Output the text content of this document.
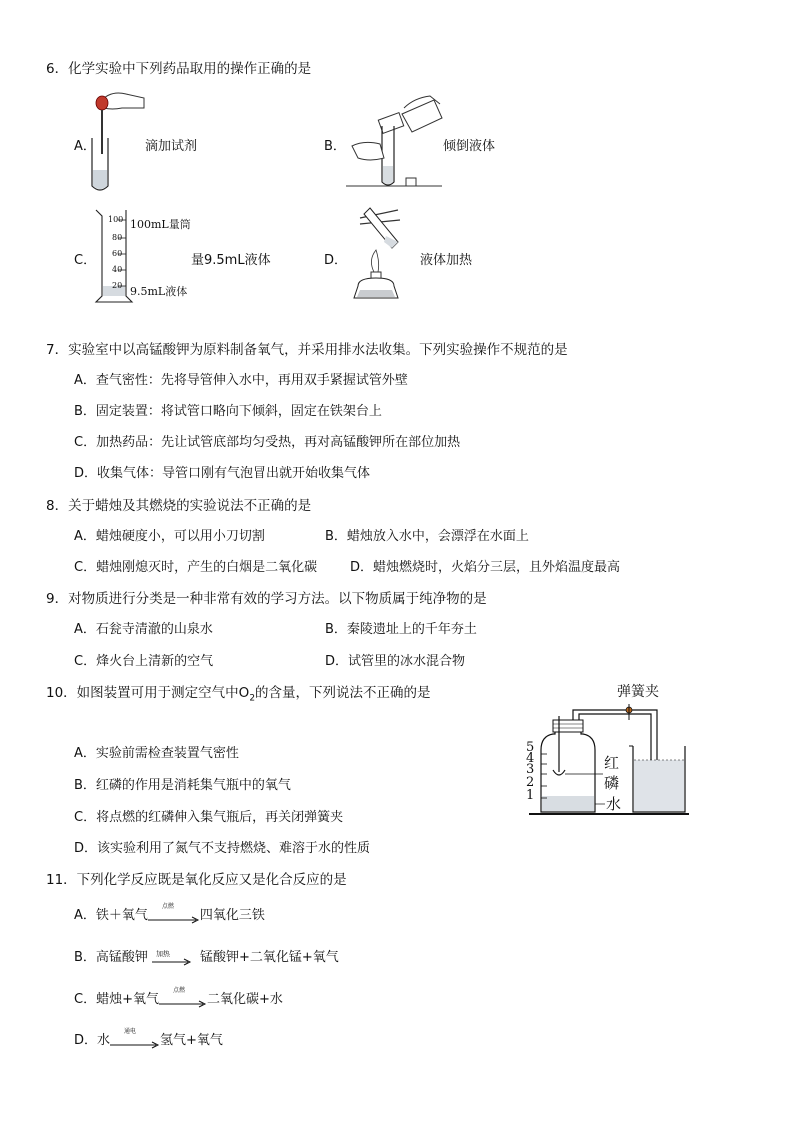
6．化学实验中下列药品取用的操作正确的是
A．	滴加试剂	B．	倾倒液体
C．
100
80
60
40
20
100mL量筒
9.5mL液体
量9.5mL液体	D．	液体加热
7．实验室中以高锰酸钾为原料制备氧气，并采用排水法收集。下列实验操作不规范的是
A．查气密性：先将导管伸入水中，再用双手紧握试管外壁
B．固定装置：将试管口略向下倾斜，固定在铁架台上
C．加热药品：先让试管底部均匀受热，再对高锰酸钾所在部位加热
D．收集气体：导管口刚有气泡冒出就开始收集气体
8．关于蜡烛及其燃烧的实验说法不正确的是
A．蜡烛硬度小，可以用小刀切割	B．蜡烛放入水中，会漂浮在水面上
C．蜡烛刚熄灭时，产生的白烟是二氧化碳	D．蜡烛燃烧时，火焰分三层，且外焰温度最高
9．对物质进行分类是一种非常有效的学习方法。以下物质属于纯净物的是
A．石瓮寺清澈的山泉水	B．秦陵遗址上的千年夯土
C．烽火台上清新的空气	D．试管里的冰水混合物
10．如图装置可用于测定空气中$O_2$的含量，下列说法不正确的是
A．实验前需检查装置气密性
B．红磷的作用是消耗集气瓶中的氧气
C．将点燃的红磷伸入集气瓶后，再关闭弹簧夹
D．该实验利用了氮气不支持燃烧、难溶于水的性质
弹簧夹
红
磷
水
5
4
3
2
1
11．下列化学反应既是氧化反应又是化合反应的是
A．铁＋氧气
点燃
四氧化三铁
B．高锰酸钾 加热 锰酸钾+二氧化锰+氧气
C．蜡烛+氧气
点燃
二氧化碳+水
D．水
通电
氢气+氧气
